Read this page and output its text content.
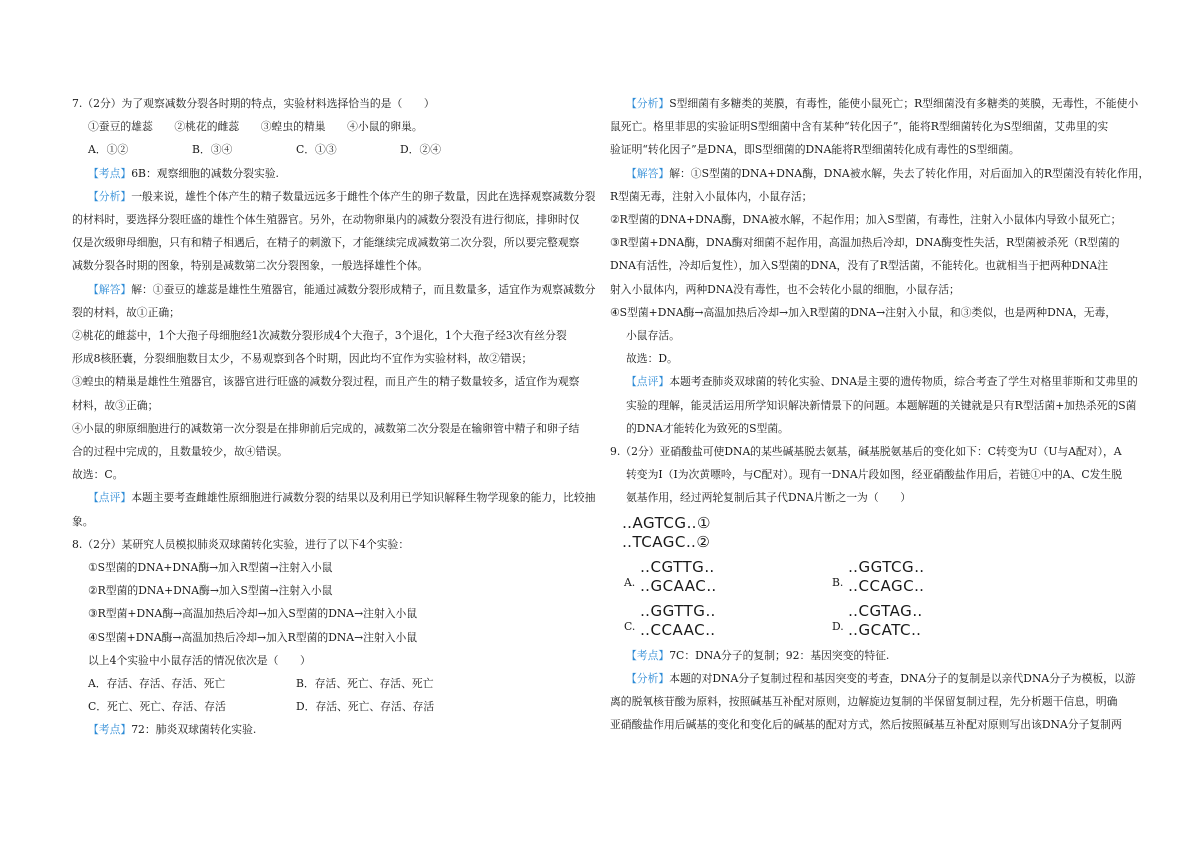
7.（2分）为了观察减数分裂各时期的特点，实验材料选择恰当的是（　　）
①蚕豆的雄蕊　　②桃花的雌蕊　　③蝗虫的精巢　　④小鼠的卵巢。
A．①②	B．③④	C．①③	D．②④
【考点】6B：观察细胞的减数分裂实验.
【分析】一般来说，雄性个体产生的精子数量远远多于雌性个体产生的卵子数量，因此在选择观察减数分裂
的材料时，要选择分裂旺盛的雄性个体生殖器官。另外，在动物卵巢内的减数分裂没有进行彻底，排卵时仅
仅是次级卵母细胞，只有和精子相遇后，在精子的刺激下，才能继续完成减数第二次分裂，所以要完整观察
减数分裂各时期的图象，特别是减数第二次分裂图象，一般选择雄性个体。
【解答】解：①蚕豆的雄蕊是雄性生殖器官，能通过减数分裂形成精子，而且数量多，适宜作为观察减数分
裂的材料，故①正确；
②桃花的雌蕊中，1个大孢子母细胞经1次减数分裂形成4个大孢子，3个退化，1个大孢子经3次有丝分裂
形成8核胚囊，分裂细胞数目太少，不易观察到各个时期，因此均不宜作为实验材料，故②错误；
③蝗虫的精巢是雄性生殖器官，该器官进行旺盛的减数分裂过程，而且产生的精子数量较多，适宜作为观察
材料，故③正确；
④小鼠的卵原细胞进行的减数第一次分裂是在排卵前后完成的，减数第二次分裂是在输卵管中精子和卵子结
合的过程中完成的，且数量较少，故④错误。
故选：C。
【点评】本题主要考查雌雄性原细胞进行减数分裂的结果以及利用已学知识解释生物学现象的能力，比较抽
象。
8.（2分）某研究人员模拟肺炎双球菌转化实验，进行了以下4个实验：
①S型菌的DNA+DNA酶→加入R型菌→注射入小鼠
②R型菌的DNA+DNA酶→加入S型菌→注射入小鼠
③R型菌+DNA酶→高温加热后冷却→加入S型菌的DNA→注射入小鼠
④S型菌+DNA酶→高温加热后冷却→加入R型菌的DNA→注射入小鼠
以上4个实验中小鼠存活的情况依次是（　　）
A．存活、存活、存活、死亡	B．存活、死亡、存活、死亡
C．死亡、死亡、存活、存活	D．存活、死亡、存活、存活
【考点】72：肺炎双球菌转化实验.
【分析】S型细菌有多糖类的荚膜，有毒性，能使小鼠死亡；R型细菌没有多糖类的荚膜，无毒性，不能使小
鼠死亡。格里菲思的实验证明S型细菌中含有某种“转化因子”，能将R型细菌转化为S型细菌，艾弗里的实
验证明“转化因子”是DNA，即S型细菌的DNA能将R型细菌转化成有毒性的S型细菌。
【解答】解：①S型菌的DNA+DNA酶，DNA被水解，失去了转化作用，对后面加入的R型菌没有转化作用，
R型菌无毒，注射入小鼠体内，小鼠存活；
②R型菌的DNA+DNA酶，DNA被水解，不起作用；加入S型菌，有毒性，注射入小鼠体内导致小鼠死亡；
③R型菌+DNA酶，DNA酶对细菌不起作用，高温加热后冷却，DNA酶变性失活，R型菌被杀死（R型菌的
DNA有活性，冷却后复性），加入S型菌的DNA，没有了R型活菌，不能转化。也就相当于把两种DNA注
射入小鼠体内，两种DNA没有毒性，也不会转化小鼠的细胞，小鼠存活；
④S型菌+DNA酶→高温加热后冷却→加入R型菌的DNA→注射入小鼠，和③类似，也是两种DNA，无毒，
小鼠存活。
故选：D。
【点评】本题考查肺炎双球菌的转化实验、DNA是主要的遗传物质，综合考查了学生对格里菲斯和艾弗里的
实验的理解，能灵活运用所学知识解决新情景下的问题。本题解题的关键就是只有R型活菌+加热杀死的S菌
的DNA才能转化为致死的S型菌。
9.（2分）亚硝酸盐可使DNA的某些碱基脱去氨基，碱基脱氨基后的变化如下：C转变为U（U与A配对），A
转变为I（I为次黄嘌呤，与C配对）。现有一DNA片段如图，经亚硝酸盐作用后，若链①中的A、C发生脱
氨基作用，经过两轮复制后其子代DNA片断之一为（　　）
‥AGTCG‥①
‥TCAGC‥②
A.
‥CGTTG‥
‥GCAAC‥	B.
‥GGTCG‥
‥CCAGC‥
C.
‥GGTTG‥
‥CCAAC‥	D.
‥CGTAG‥
‥GCATC‥
【考点】7C：DNA分子的复制；92：基因突变的特征.
【分析】本题的对DNA分子复制过程和基因突变的考查，DNA分子的复制是以亲代DNA分子为模板，以游
离的脱氧核苷酸为原料，按照碱基互补配对原则，边解旋边复制的半保留复制过程，先分析题干信息，明确
亚硝酸盐作用后碱基的变化和变化后的碱基的配对方式，然后按照碱基互补配对原则写出该DNA分子复制两
